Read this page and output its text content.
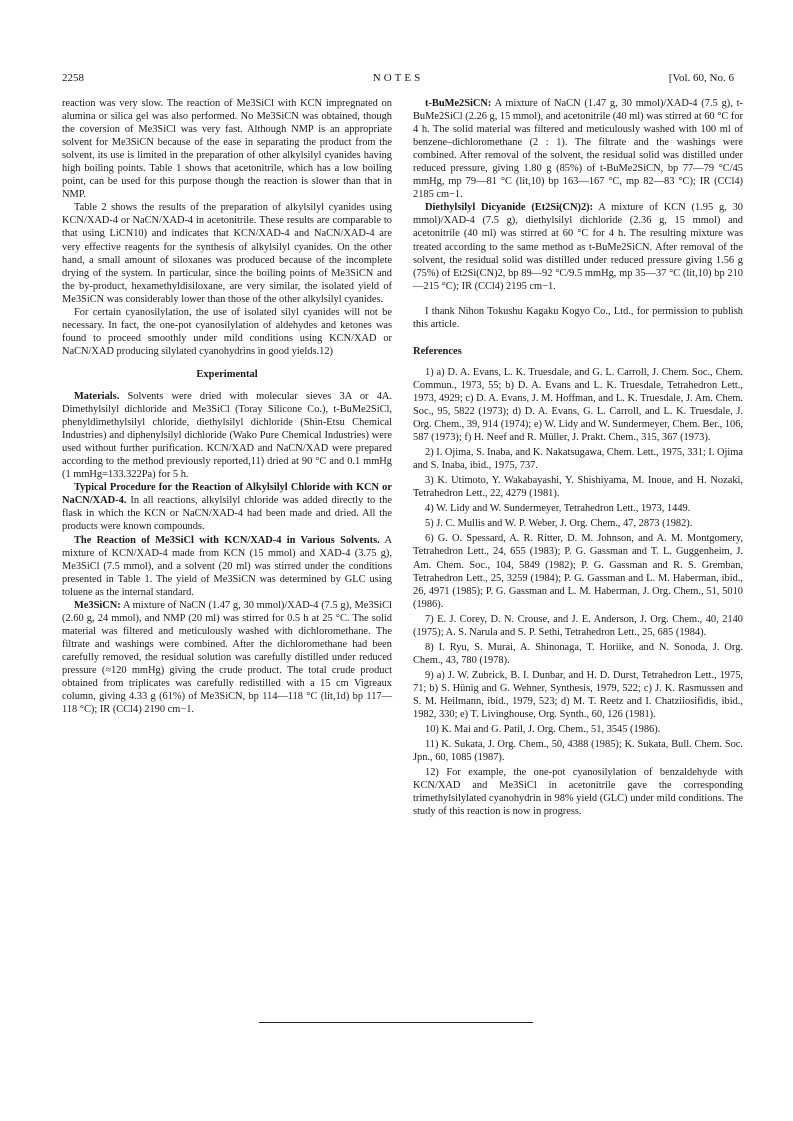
2258	NOTES	[Vol. 60, No. 6

reaction was very slow. The reaction of Me3SiCl with KCN impregnated on alumina or silica gel was also performed. No Me3SiCN was obtained, though the coversion of Me3SiCl was very fast. Although NMP is an appropriate solvent for Me3SiCN because of the ease in separating the product from the solvent, its use is limited in the preparation of other alkylsilyl cyanides having high boiling points. Table 1 shows that acetonitrile, which has a low boiling point, can be used for this purpose though the reaction is slower than that in NMP.

Table 2 shows the results of the preparation of alkylsilyl cyanides using KCN/XAD-4 or NaCN/XAD-4 in acetonitrile. These results are comparable to that using LiCN10) and indicates that KCN/XAD-4 and NaCN/XAD-4 are very effective reagents for the synthesis of alkylsilyl cyanides. On the other hand, a small amount of siloxanes was produced because of the incomplete drying of the system. In particular, since the boiling points of Me3SiCN and the by-product, hexamethyldisiloxane, are very similar, the isolated yield of Me3SiCN was considerably lower than those of the other alkylsilyl cyanides.

For certain cyanosilylation, the use of isolated silyl cyanides will not be necessary. In fact, the one-pot cyanosilylation of aldehydes and ketones was found to proceed smoothly under mild conditions using KCN/XAD or NaCN/XAD producing silylated cyanohydrins in good yields.12)

Experimental

Materials. Solvents were dried with molecular sieves 3A or 4A. Dimethylsilyl dichloride and Me3SiCl (Toray Silicone Co.), t-BuMe2SiCl, phenyldimethylsilyl chloride, diethylsilyl dichloride (Shin-Etsu Chemical Industries) and diphenylsilyl dichloride (Wako Pure Chemical Industries) were used without further purification. KCN/XAD and NaCN/XAD were prepared according to the method previously reported,11) dried at 90 °C and 0.1 mmHg (1 mmHg=133.322Pa) for 5 h.

Typical Procedure for the Reaction of Alkylsilyl Chloride with KCN or NaCN/XAD-4. In all reactions, alkylsilyl chloride was added directly to the flask in which the KCN or NaCN/XAD-4 had been made and dried. All the products were known compounds.

The Reaction of Me3SiCl with KCN/XAD-4 in Various Solvents. A mixture of KCN/XAD-4 made from KCN (15 mmol) and XAD-4 (3.75 g), Me3SiCl (7.5 mmol), and a solvent (20 ml) was stirred under the conditions presented in Table 1. The yield of Me3SiCN was determined by GLC using toluene as the internal standard.

Me3SiCN: A mixture of NaCN (1.47 g, 30 mmol)/XAD-4 (7.5 g), Me3SiCl (2.60 g, 24 mmol), and NMP (20 ml) was stirred for 0.5 h at 25 °C. The solid material was filtered and meticulously washed with dichloromethane. The filtrate and washings were combined. After the dichloromethane had been carefully removed, the residual solution was carefully distilled under reduced pressure (≈120 mmHg) giving the crude product. The total crude product obtained from triplicates was carefully redistilled with a 15 cm Vigreaux column, giving 4.33 g (61%) of Me3SiCN, bp 114—118 °C (lit,1d) bp 117—118 °C); IR (CCl4) 2190 cm−1.

t-BuMe2SiCN: A mixture of NaCN (1.47 g, 30 mmol)/XAD-4 (7.5 g), t-BuMe2SiCl (2.26 g, 15 mmol), and acetonitrile (40 ml) was stirred at 60 °C for 4 h. The solid material was filtered and meticulously washed with 100 ml of benzene–dichloromethane (2 : 1). The filtrate and the washings were combined. After removal of the solvent, the residual solid was distilled under reduced pressure, giving 1.80 g (85%) of t-BuMe2SiCN, bp 77—79 °C/45 mmHg, mp 79—81 °C (lit,10) bp 163—167 °C, mp 82—83 °C); IR (CCl4) 2185 cm−1.

Diethylsilyl Dicyanide (Et2Si(CN)2): A mixture of KCN (1.95 g, 30 mmol)/XAD-4 (7.5 g), diethylsilyl dichloride (2.36 g, 15 mmol) and acetonitrile (40 ml) was stirred at 60 °C for 4 h. The resulting mixture was treated according to the same method as t-BuMe2SiCN. After removal of the solvent, the residual solid was distilled under reduced pressure giving 1.56 g (75%) of Et2Si(CN)2, bp 89—92 °C/9.5 mmHg, mp 35—37 °C (lit,10) bp 210—215 °C); IR (CCl4) 2195 cm−1.

I thank Nihon Tokushu Kagaku Kogyo Co., Ltd., for permission to publish this article.

References

1) a) D. A. Evans, L. K. Truesdale, and G. L. Carroll, J. Chem. Soc., Chem. Commun., 1973, 55; b) D. A. Evans and L. K. Truesdale, Tetrahedron Lett., 1973, 4929; c) D. A. Evans, J. M. Hoffman, and L. K. Truesdale, J. Am. Chem. Soc., 95, 5822 (1973); d) D. A. Evans, G. L. Carroll, and L. K. Truesdale, J. Org. Chem., 39, 914 (1974); e) W. Lidy and W. Sundermeyer, Chem. Ber., 106, 587 (1973); f) H. Neef and R. Müller, J. Prakt. Chem., 315, 367 (1973).

2) I. Ojima, S. Inaba, and K. Nakatsugawa, Chem. Lett., 1975, 331; I. Ojima and S. Inaba, ibid., 1975, 737.

3) K. Utimoto, Y. Wakabayashi, Y. Shishiyama, M. Inoue, and H. Nozaki, Tetrahedron Lett., 22, 4279 (1981).

4) W. Lidy and W. Sundermeyer, Tetrahedron Lett., 1973, 1449.

5) J. C. Mullis and W. P. Weber, J. Org. Chem., 47, 2873 (1982).

6) G. O. Spessard, A. R. Ritter, D. M. Johnson, and A. M. Montgomery, Tetrahedron Lett., 24, 655 (1983); P. G. Gassman and T. L. Guggenheim, J. Am. Chem. Soc., 104, 5849 (1982); P. G. Gassman and R. S. Gremban, Tetrahedron Lett., 25, 3259 (1984); P. G. Gassman and L. M. Haberman, ibid., 26, 4971 (1985); P. G. Gassman and L. M. Haberman, J. Org. Chem., 51, 5010 (1986).

7) E. J. Corey, D. N. Crouse, and J. E. Anderson, J. Org. Chem., 40, 2140 (1975); A. S. Narula and S. P. Sethi, Tetrahedron Lett., 25, 685 (1984).

8) I. Ryu, S. Murai, A. Shinonaga, T. Horiike, and N. Sonoda, J. Org. Chem., 43, 780 (1978).

9) a) J. W. Zubrick, B. I. Dunbar, and H. D. Durst, Tetrahedron Lett., 1975, 71; b) S. Hünig and G. Wehner, Synthesis, 1979, 522; c) J. K. Rasmussen and S. M. Heilmann, ibid., 1979, 523; d) M. T. Reetz and I. Chatziiosifidis, ibid., 1982, 330; e) T. Livinghouse, Org. Synth., 60, 126 (1981).

10) K. Mai and G. Patil, J. Org. Chem., 51, 3545 (1986).

11) K. Sukata, J. Org. Chem., 50, 4388 (1985); K. Sukata, Bull. Chem. Soc. Jpn., 60, 1085 (1987).

12) For example, the one-pot cyanosilylation of benzaldehyde with KCN/XAD and Me3SiCl in acetonitrile gave the corresponding trimethylsilylated cyanohydrin in 98% yield (GLC) under mild conditions. The study of this reaction is now in progress.
